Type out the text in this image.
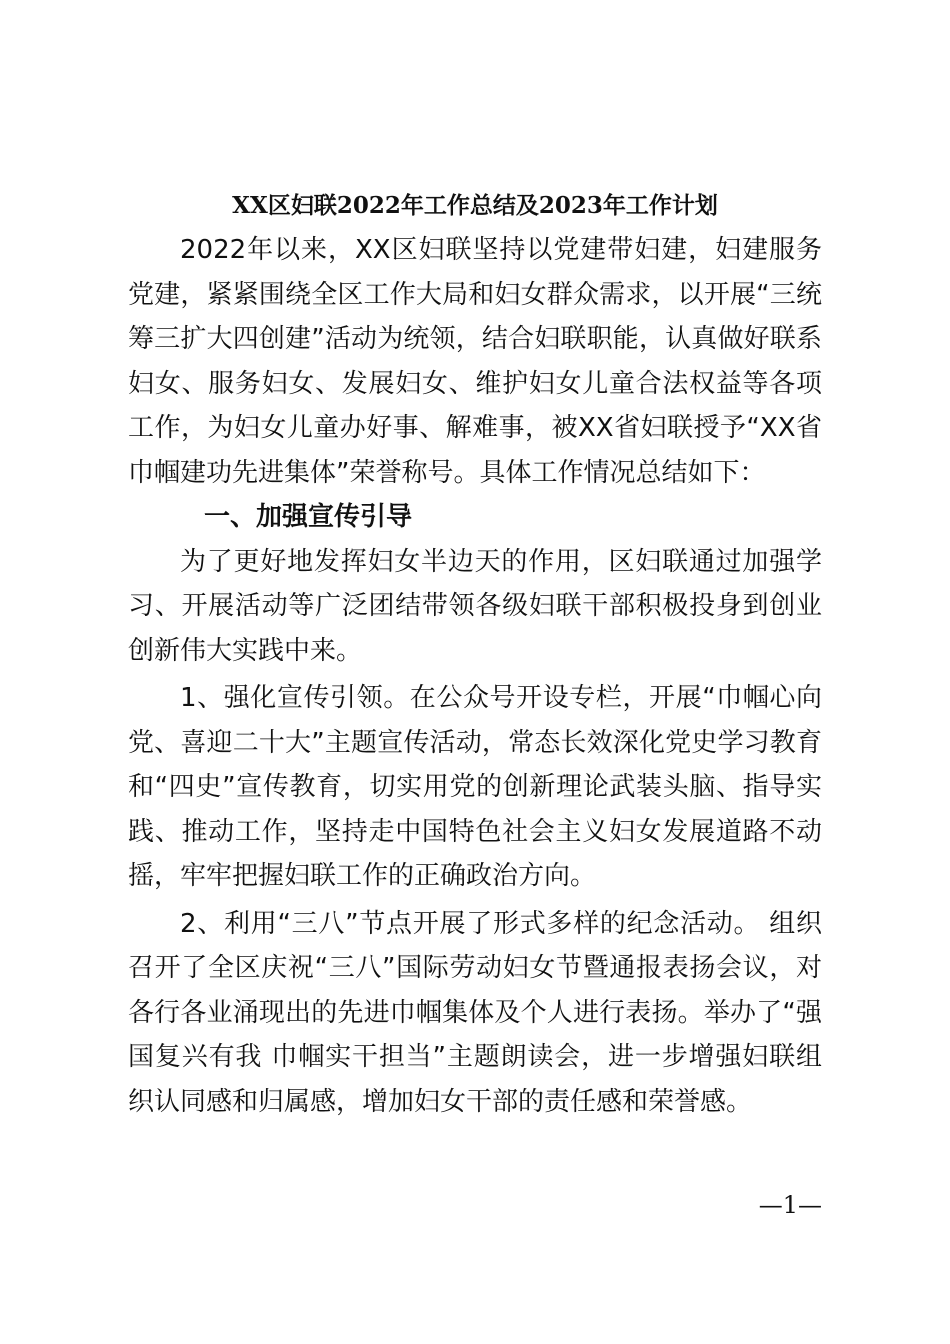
XX区妇联2022年工作总结及2023年工作计划

2022年以来，XX区妇联坚持以党建带妇建，妇建服务党建，紧紧围绕全区工作大局和妇女群众需求，以开展“三统筹三扩大四创建”活动为统领，结合妇联职能，认真做好联系妇女、服务妇女、发展妇女、维护妇女儿童合法权益等各项工作，为妇女儿童办好事、解难事，被XX省妇联授予“XX省巾帼建功先进集体”荣誉称号。具体工作情况总结如下：

一、加强宣传引导

为了更好地发挥妇女半边天的作用，区妇联通过加强学习、开展活动等广泛团结带领各级妇联干部积极投身到创业创新伟大实践中来。

1、强化宣传引领。在公众号开设专栏，开展“巾帼心向党、喜迎二十大”主题宣传活动，常态长效深化党史学习教育和“四史”宣传教育，切实用党的创新理论武装头脑、指导实践、推动工作，坚持走中国特色社会主义妇女发展道路不动摇，牢牢把握妇联工作的正确政治方向。

2、利用“三八”节点开展了形式多样的纪念活动。 组织召开了全区庆祝“三八”国际劳动妇女节暨通报表扬会议，对各行各业涌现出的先进巾帼集体及个人进行表扬。举办了“强国复兴有我 巾帼实干担当”主题朗读会，进一步增强妇联组织认同感和归属感，增加妇女干部的责任感和荣誉感。

—1—
